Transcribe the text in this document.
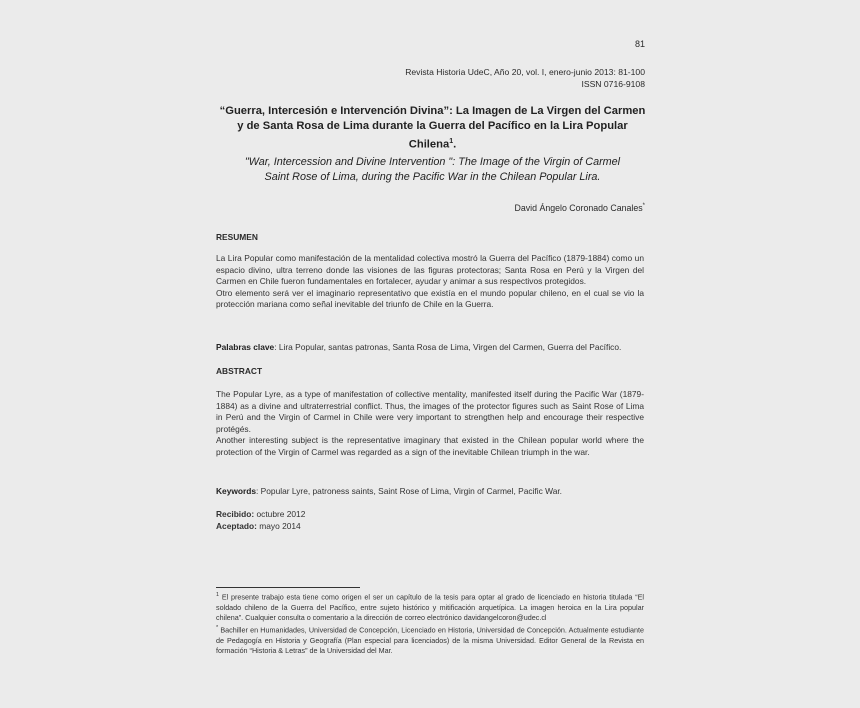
81
Revista Historia UdeC, Año 20, vol. I, enero-junio 2013: 81-100
ISSN 0716-9108
“Guerra, Intercesión e Intervención Divina”: La Imagen de La Virgen del Carmen
y de Santa Rosa de Lima durante la Guerra del Pacífico en la Lira Popular
Chilena$^1$.
"War, Intercession and Divine Intervention ": The Image of the Virgin of Carmel
Saint Rose of Lima, during the Pacific War in the Chilean Popular Lira.
David Ángelo Coronado Canales*
RESUMEN

La Lira Popular como manifestación de la mentalidad colectiva mostró la Guerra del Pacífico (1879-1884) como un espacio divino, ultra terreno donde las visiones de las figuras protectoras; Santa Rosa en Perú y la Virgen del Carmen en Chile fueron fundamentales en fortalecer, ayudar y animar a sus respectivos protegidos.

Otro elemento será ver el imaginario representativo que existía en el mundo popular chileno, en el cual se vio la protección mariana como señal inevitable del triunfo de Chile en la Guerra.

Palabras clave: Lira Popular, santas patronas, Santa Rosa de Lima, Virgen del Carmen, Guerra del Pacífico.
ABSTRACT

The Popular Lyre, as a type of manifestation of collective mentality, manifested itself during the Pacific War (1879-1884) as a divine and ultraterrestrial conflict. Thus, the images of the protector figures such as Saint Rose of Lima in Perú and the Virgin of Carmel in Chile were very important to strengthen help and encourage their respective protégés.

Another interesting subject is the representative imaginary that existed in the Chilean popular world where the protection of the Virgin of Carmel was regarded as a sign of the inevitable Chilean triumph in the war.

Keywords: Popular Lyre, patroness saints, Saint Rose of Lima, Virgin of Carmel, Pacific War.
Recibido: octubre 2012
Aceptado: mayo 2014

$^1$ El presente trabajo esta tiene como origen el ser un capítulo de la tesis para optar al grado de licenciado en historia titulada “El soldado chileno de la Guerra del Pacífico, entre sujeto histórico y mitificación arquetípica. La imagen heroica en la Lira popular chilena”. Cualquier consulta o comentario a la dirección de correo electrónico davidangelcoron@udec.cl

* Bachiller en Humanidades, Universidad de Concepción, Licenciado en Historia, Universidad de Concepción. Actualmente estudiante de Pedagogía en Historia y Geografía (Plan especial para licenciados) de la misma Universidad. Editor General de la Revista en formación “Historia & Letras” de la Universidad del Mar.
